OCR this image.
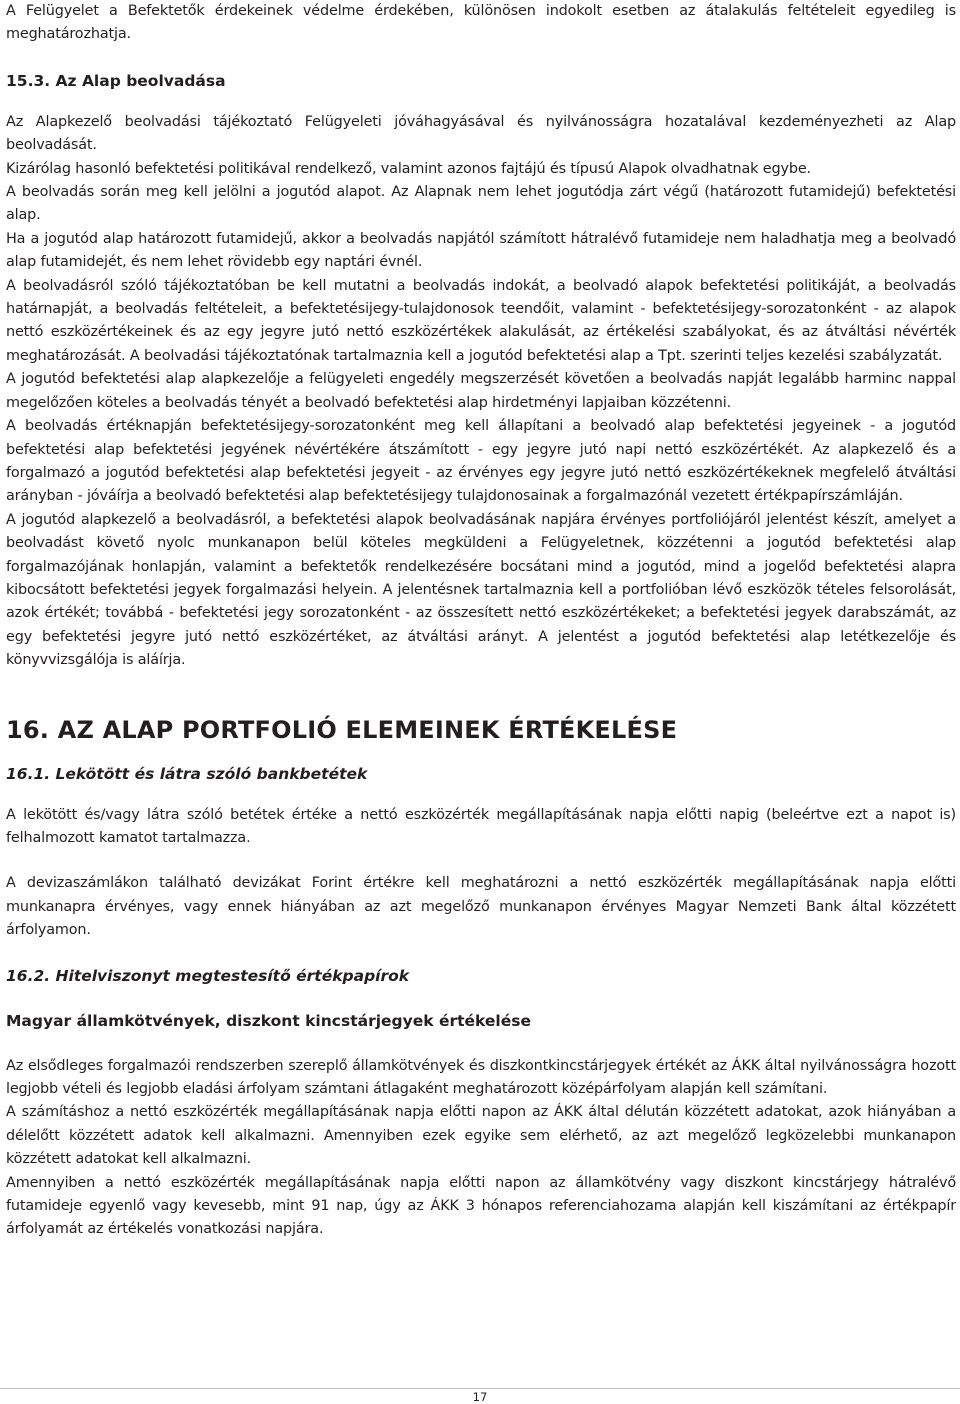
A Felügyelet a Befektetők érdekeinek védelme érdekében, különösen indokolt esetben az átalakulás feltételeit egyedileg is meghatározhatja.

15.3. Az Alap beolvadása

Az Alapkezelő beolvadási tájékoztató Felügyeleti jóváhagyásával és nyilvánosságra hozatalával kezdeményezheti az Alap beolvadását.

Kizárólag hasonló befektetési politikával rendelkező, valamint azonos fajtájú és típusú Alapok olvadhatnak egybe.

A beolvadás során meg kell jelölni a jogutód alapot. Az Alapnak nem lehet jogutódja zárt végű (határozott futamidejű) befektetési alap.

Ha a jogutód alap határozott futamidejű, akkor a beolvadás napjától számított hátralévő futamideje nem haladhatja meg a beolvadó alap futamidejét, és nem lehet rövidebb egy naptári évnél.

A beolvadásról szóló tájékoztatóban be kell mutatni a beolvadás indokát, a beolvadó alapok befektetési politikáját, a beolvadás határnapját, a beolvadás feltételeit, a befektetésijegy-tulajdonosok teendőit, valamint - befektetésijegy-sorozatonként - az alapok nettó eszközértékeinek és az egy jegyre jutó nettó eszközértékek alakulását, az értékelési szabályokat, és az átváltási névérték meghatározását. A beolvadási tájékoztatónak tartalmaznia kell a jogutód befektetési alap a Tpt. szerinti teljes kezelési szabályzatát.

A jogutód befektetési alap alapkezelője a felügyeleti engedély megszerzését követően a beolvadás napját legalább harminc nappal megelőzően köteles a beolvadás tényét a beolvadó befektetési alap hirdetményi lapjaiban közzétenni.

A beolvadás értéknapján befektetésijegy-sorozatonként meg kell állapítani a beolvadó alap befektetési jegyeinek - a jogutód befektetési alap befektetési jegyének névértékére átszámított - egy jegyre jutó napi nettó eszközértékét. Az alapkezelő és a forgalmazó a jogutód befektetési alap befektetési jegyeit - az érvényes egy jegyre jutó nettó eszközértékeknek megfelelő átváltási arányban - jóváírja a beolvadó befektetési alap befektetésijegy tulajdonosainak a forgalmazónál vezetett értékpapírszámláján.

A jogutód alapkezelő a beolvadásról, a befektetési alapok beolvadásának napjára érvényes portfoliójáról jelentést készít, amelyet a beolvadást követő nyolc munkanapon belül köteles megküldeni a Felügyeletnek, közzétenni a jogutód befektetési alap forgalmazójának honlapján, valamint a befektetők rendelkezésére bocsátani mind a jogutód, mind a jogelőd befektetési alapra kibocsátott befektetési jegyek forgalmazási helyein. A jelentésnek tartalmaznia kell a portfolióban lévő eszközök tételes felsorolását, azok értékét; továbbá - befektetési jegy sorozatonként - az összesített nettó eszközértékeket; a befektetési jegyek darabszámát, az egy befektetési jegyre jutó nettó eszközértéket, az átváltási arányt. A jelentést a jogutód befektetési alap letétkezelője és könyvvizsgálója is aláírja.

16. AZ ALAP PORTFOLIÓ ELEMEINEK ÉRTÉKELÉSE

16.1. Lekötött és látra szóló bankbetétek

A lekötött és/vagy látra szóló betétek értéke a nettó eszközérték megállapításának napja előtti napig (beleértve ezt a napot is) felhalmozott kamatot tartalmazza.

A devizaszámlákon található devizákat Forint értékre kell meghatározni a nettó eszközérték megállapításának napja előtti munkanapra érvényes, vagy ennek hiányában az azt megelőző munkanapon érvényes Magyar Nemzeti Bank által közzétett árfolyamon.

16.2. Hitelviszonyt megtestesítő értékpapírok

Magyar államkötvények, diszkont kincstárjegyek értékelése

Az elsődleges forgalmazói rendszerben szereplő államkötvények és diszkontkincstárjegyek értékét az ÁKK által nyilvánosságra hozott legjobb vételi és legjobb eladási árfolyam számtani átlagaként meghatározott középárfolyam alapján kell számítani.

A számításhoz a nettó eszközérték megállapításának napja előtti napon az ÁKK által délután közzétett adatokat, azok hiányában a délelőtt közzétett adatok kell alkalmazni. Amennyiben ezek egyike sem elérhető, az azt megelőző legközelebbi munkanapon közzétett adatokat kell alkalmazni.

Amennyiben a nettó eszközérték megállapításának napja előtti napon az államkötvény vagy diszkont kincstárjegy hátralévő futamideje egyenlő vagy kevesebb, mint 91 nap, úgy az ÁKK 3 hónapos referenciahozama alapján kell kiszámítani az értékpapír árfolyamát az értékelés vonatkozási napjára.

17
